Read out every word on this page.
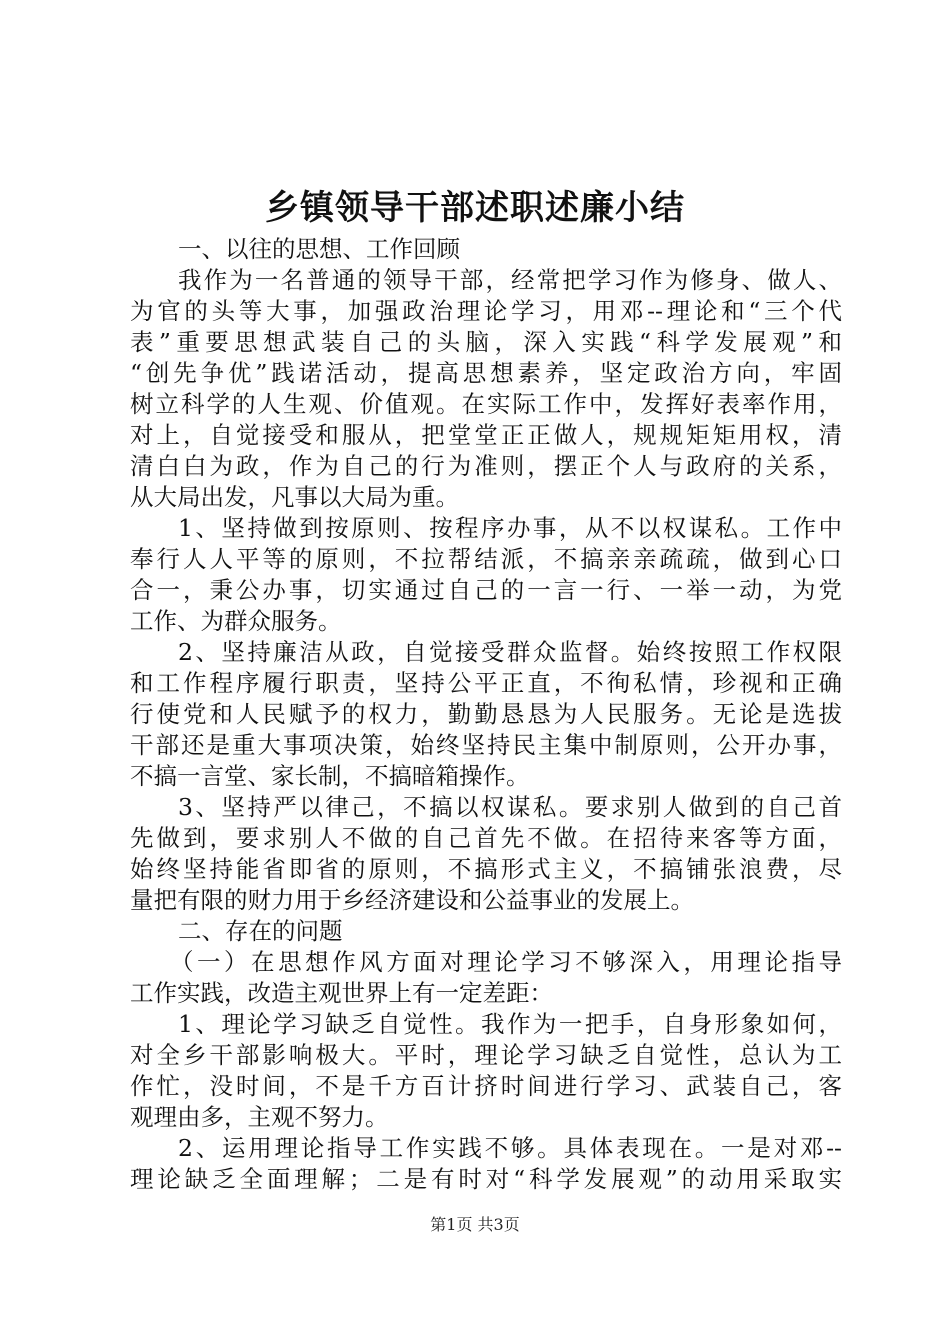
乡镇领导干部述职述廉小结
一、以往的思想、工作回顾
我作为一名普通的领导干部，经常把学习作为修身、做人、
为官的头等大事，加强政治理论学习，用邓--理论和“三个代
表”重要思想武装自己的头脑，深入实践“科学发展观”和
“创先争优”践诺活动，提高思想素养，坚定政治方向，牢固
树立科学的人生观、价值观。在实际工作中，发挥好表率作用，
对上，自觉接受和服从，把堂堂正正做人，规规矩矩用权，清
清白白为政，作为自己的行为准则，摆正个人与政府的关系，
从大局出发，凡事以大局为重。
1、坚持做到按原则、按程序办事，从不以权谋私。工作中
奉行人人平等的原则，不拉帮结派，不搞亲亲疏疏，做到心口
合一，秉公办事，切实通过自己的一言一行、一举一动，为党
工作、为群众服务。
2、坚持廉洁从政，自觉接受群众监督。始终按照工作权限
和工作程序履行职责，坚持公平正直，不徇私情，珍视和正确
行使党和人民赋予的权力，勤勤恳恳为人民服务。无论是选拔
干部还是重大事项决策，始终坚持民主集中制原则，公开办事，
不搞一言堂、家长制，不搞暗箱操作。
3、坚持严以律己，不搞以权谋私。要求别人做到的自己首
先做到，要求别人不做的自己首先不做。在招待来客等方面，
始终坚持能省即省的原则，不搞形式主义，不搞铺张浪费，尽
量把有限的财力用于乡经济建设和公益事业的发展上。
二、存在的问题
（一）在思想作风方面对理论学习不够深入，用理论指导
工作实践，改造主观世界上有一定差距：
1、理论学习缺乏自觉性。我作为一把手，自身形象如何，
对全乡干部影响极大。平时，理论学习缺乏自觉性，总认为工
作忙，没时间，不是千方百计挤时间进行学习、武装自己，客
观理由多，主观不努力。
2、运用理论指导工作实践不够。具体表现在。一是对邓--
理论缺乏全面理解；二是有时对“科学发展观”的动用采取实
第1页 共3页
